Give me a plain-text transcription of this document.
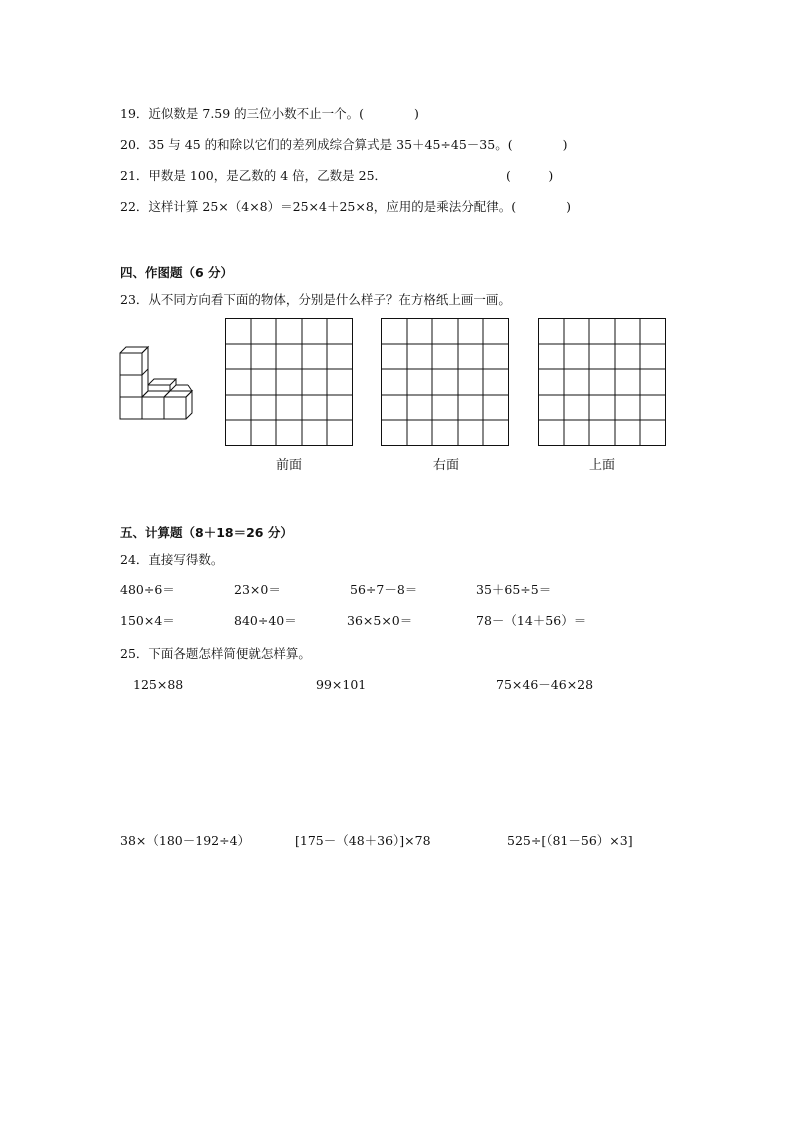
19．近似数是 7.59 的三位小数不止一个。(　　　　)
20．35 与 45 的和除以它们的差列成综合算式是 35＋45÷45－35。(　　　　)
21．甲数是 100，是乙数的 4 倍，乙数是 25．	(　　　)
22．这样计算 25×（4×8）＝25×4＋25×8，应用的是乘法分配律。(　　　　)
四、作图题（6 分）
23．从不同方向看下面的物体，分别是什么样子？在方格纸上画一画。
前面	右面	上面
五、计算题（8＋18＝26 分）
24．直接写得数。
480÷6＝	23×0＝	56÷7－8＝	35＋65÷5＝
150×4＝	840÷40＝	36×5×0＝	78－（14＋56）＝
25．下面各题怎样简便就怎样算。
125×88	99×101	75×46－46×28
38×（180－192÷4）	[175－（48＋36）]×78	525÷[（81－56）×3]
